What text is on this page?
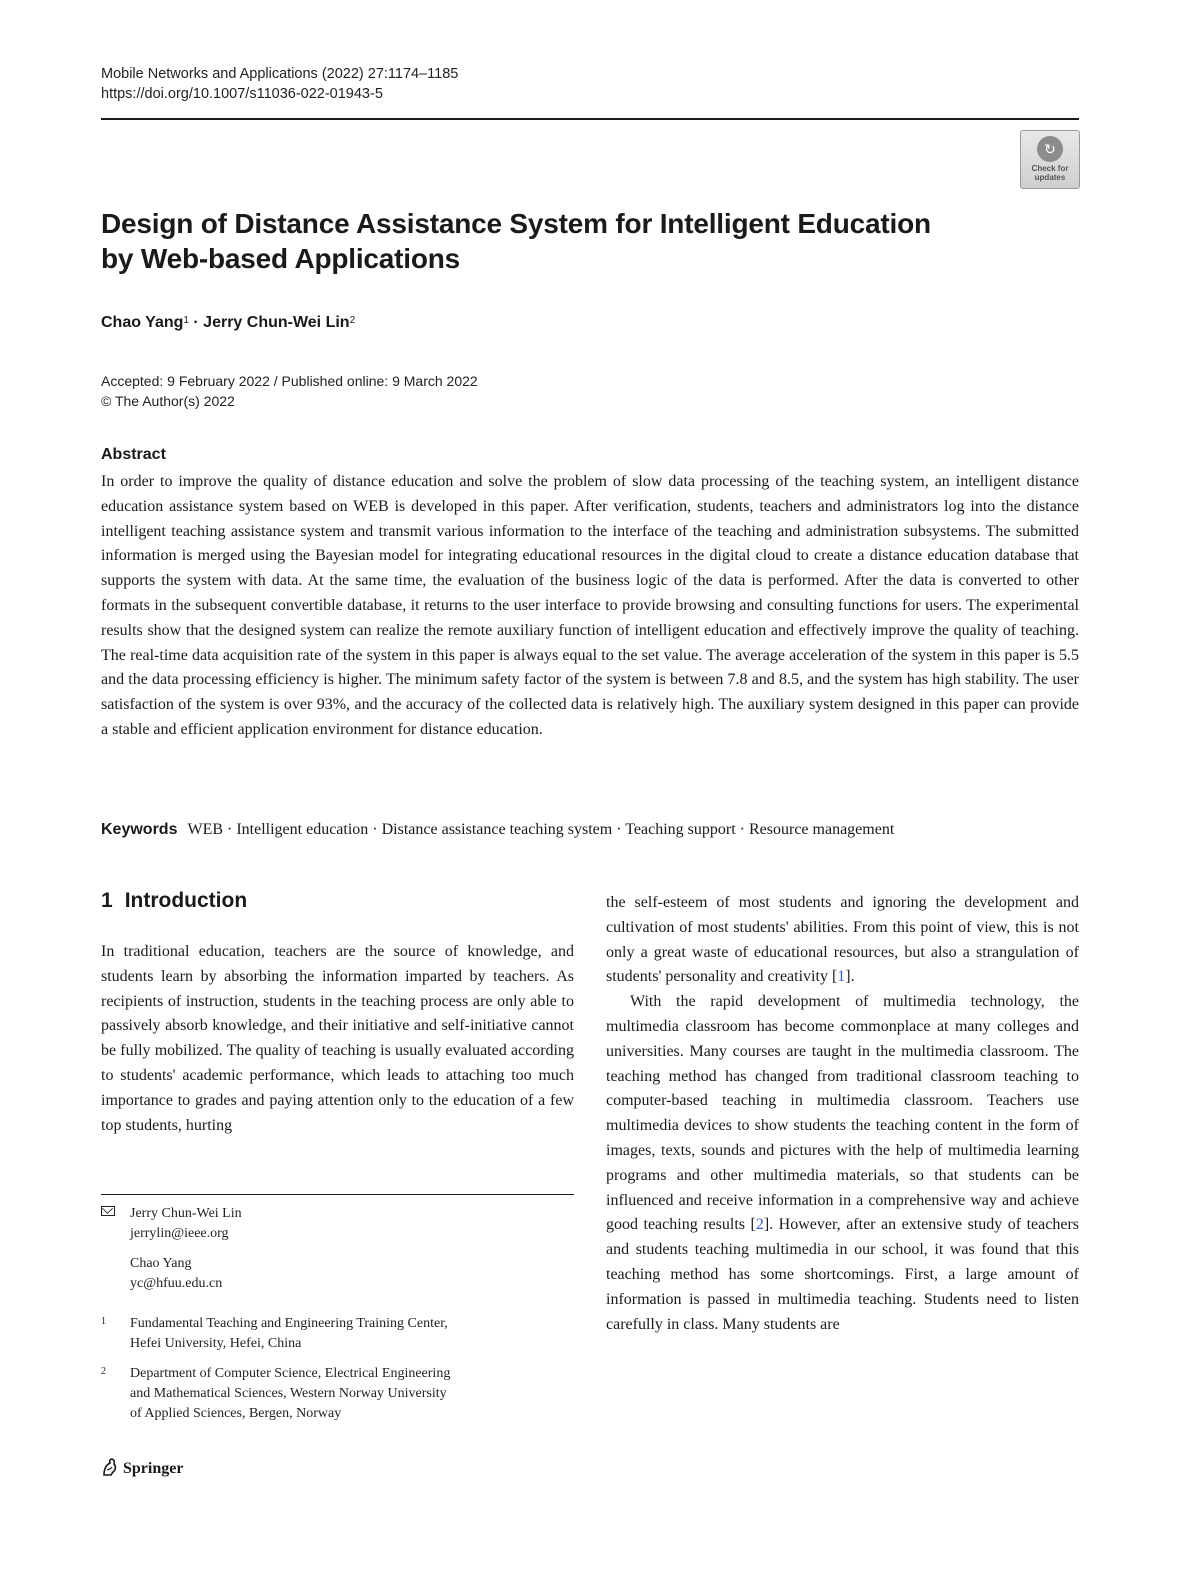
Mobile Networks and Applications (2022) 27:1174–1185
https://doi.org/10.1007/s11036-022-01943-5
↻
Check for updates
Design of Distance Assistance System for Intelligent Education
by Web-based Applications
Chao Yang$^1$ · Jerry Chun-Wei Lin$^2$
Accepted: 9 February 2022 / Published online: 9 March 2022
© The Author(s) 2022
Abstract
In order to improve the quality of distance education and solve the problem of slow data processing of the teaching system, an intelligent distance education assistance system based on WEB is developed in this paper. After verification, students, teachers and administrators log into the distance intelligent teaching assistance system and transmit various information to the interface of the teaching and administration subsystems. The submitted information is merged using the Bayesian model for integrating educational resources in the digital cloud to create a distance education database that supports the system with data. At the same time, the evaluation of the business logic of the data is performed. After the data is converted to other formats in the subsequent convertible database, it returns to the user interface to provide browsing and consulting functions for users. The experimental results show that the designed system can realize the remote auxiliary function of intelligent education and effectively improve the quality of teaching. The real-time data acquisition rate of the system in this paper is always equal to the set value. The average acceleration of the system in this paper is 5.5 and the data processing efficiency is higher. The minimum safety factor of the system is between 7.8 and 8.5, and the system has high stability. The user satisfaction of the system is over 93%, and the accuracy of the collected data is relatively high. The auxiliary system designed in this paper can provide a stable and efficient application environment for distance education.
Keywords WEB · Intelligent education · Distance assistance teaching system · Teaching support · Resource management
1 Introduction

In traditional education, teachers are the source of knowledge, and students learn by absorbing the information imparted by teachers. As recipients of instruction, students in the teaching process are only able to passively absorb knowledge, and their initiative and self-initiative cannot be fully mobilized. The quality of teaching is usually evaluated according to students' academic performance, which leads to attaching too much importance to grades and paying attention only to the education of a few top students, hurting

the self-esteem of most students and ignoring the development and cultivation of most students' abilities. From this point of view, this is not only a great waste of educational resources, but also a strangulation of students' personality and creativity [1].

With the rapid development of multimedia technology, the multimedia classroom has become commonplace at many colleges and universities. Many courses are taught in the multimedia classroom. The teaching method has changed from traditional classroom teaching to computer-based teaching in multimedia classroom. Teachers use multimedia devices to show students the teaching content in the form of images, texts, sounds and pictures with the help of multimedia learning programs and other multimedia materials, so that students can be influenced and receive information in a comprehensive way and achieve good teaching results [2]. However, after an extensive study of teachers and students teaching multimedia in our school, it was found that this teaching method has some shortcomings. First, a large amount of information is passed in multimedia teaching. Students need to listen carefully in class. Many students are

Jerry Chun-Wei Lin
jerrylin@ieee.org
Chao Yang
yc@hfuu.edu.cn
1 Fundamental Teaching and Engineering Training Center,
Hefei University, Hefei, China
2 Department of Computer Science, Electrical Engineering
and Mathematical Sciences, Western Norway University
of Applied Sciences, Bergen, Norway
Springer
